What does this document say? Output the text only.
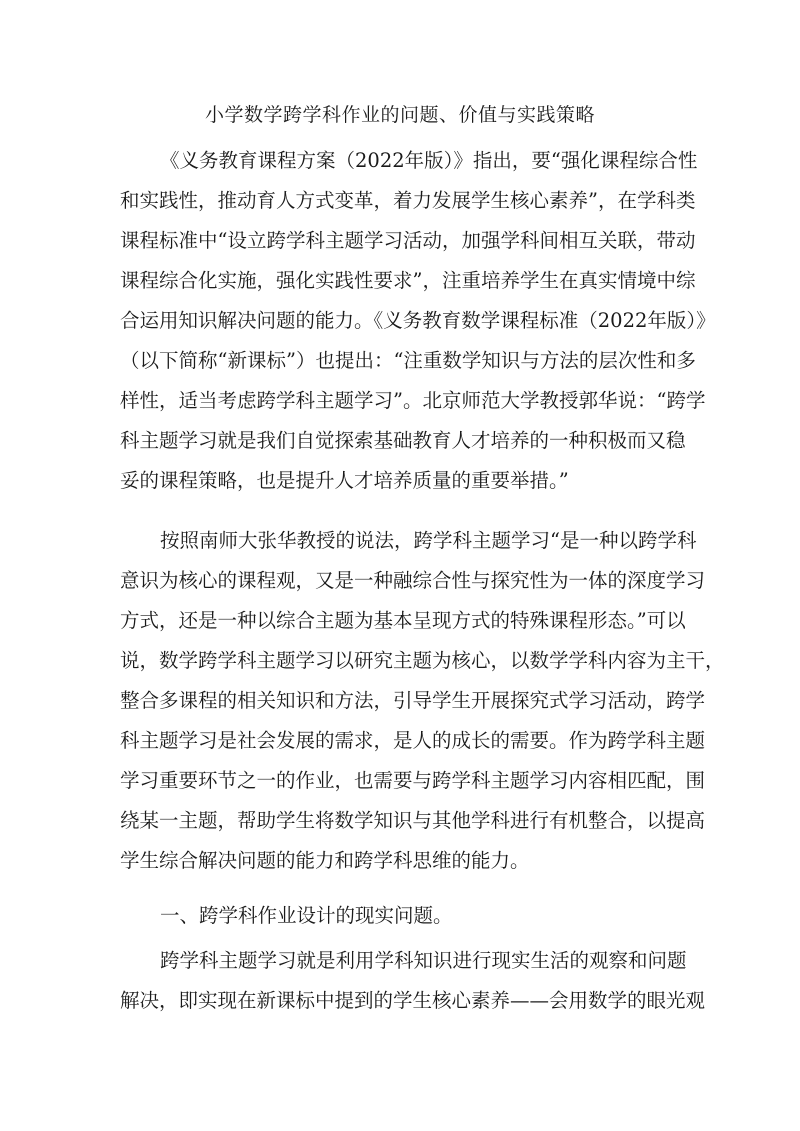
小学数学跨学科作业的问题、价值与实践策略
《义务教育课程方案（2022年版）》指出，要“强化课程综合性
和实践性，推动育人方式变革，着力发展学生核心素养”，在学科类
课程标准中“设立跨学科主题学习活动，加强学科间相互关联，带动
课程综合化实施，强化实践性要求”，注重培养学生在真实情境中综
合运用知识解决问题的能力。《义务教育数学课程标准（2022年版）》
（以下简称“新课标”）也提出：“注重数学知识与方法的层次性和多
样性，适当考虑跨学科主题学习”。北京师范大学教授郭华说：“跨学
科主题学习就是我们自觉探索基础教育人才培养的一种积极而又稳
妥的课程策略，也是提升人才培养质量的重要举措。”
按照南师大张华教授的说法，跨学科主题学习“是一种以跨学科
意识为核心的课程观，又是一种融综合性与探究性为一体的深度学习
方式，还是一种以综合主题为基本呈现方式的特殊课程形态。”可以
说，数学跨学科主题学习以研究主题为核心，以数学学科内容为主干，
整合多课程的相关知识和方法，引导学生开展探究式学习活动，跨学
科主题学习是社会发展的需求，是人的成长的需要。作为跨学科主题
学习重要环节之一的作业，也需要与跨学科主题学习内容相匹配，围
绕某一主题，帮助学生将数学知识与其他学科进行有机整合，以提高
学生综合解决问题的能力和跨学科思维的能力。
一、跨学科作业设计的现实问题。
跨学科主题学习就是利用学科知识进行现实生活的观察和问题
解决，即实现在新课标中提到的学生核心素养——会用数学的眼光观
